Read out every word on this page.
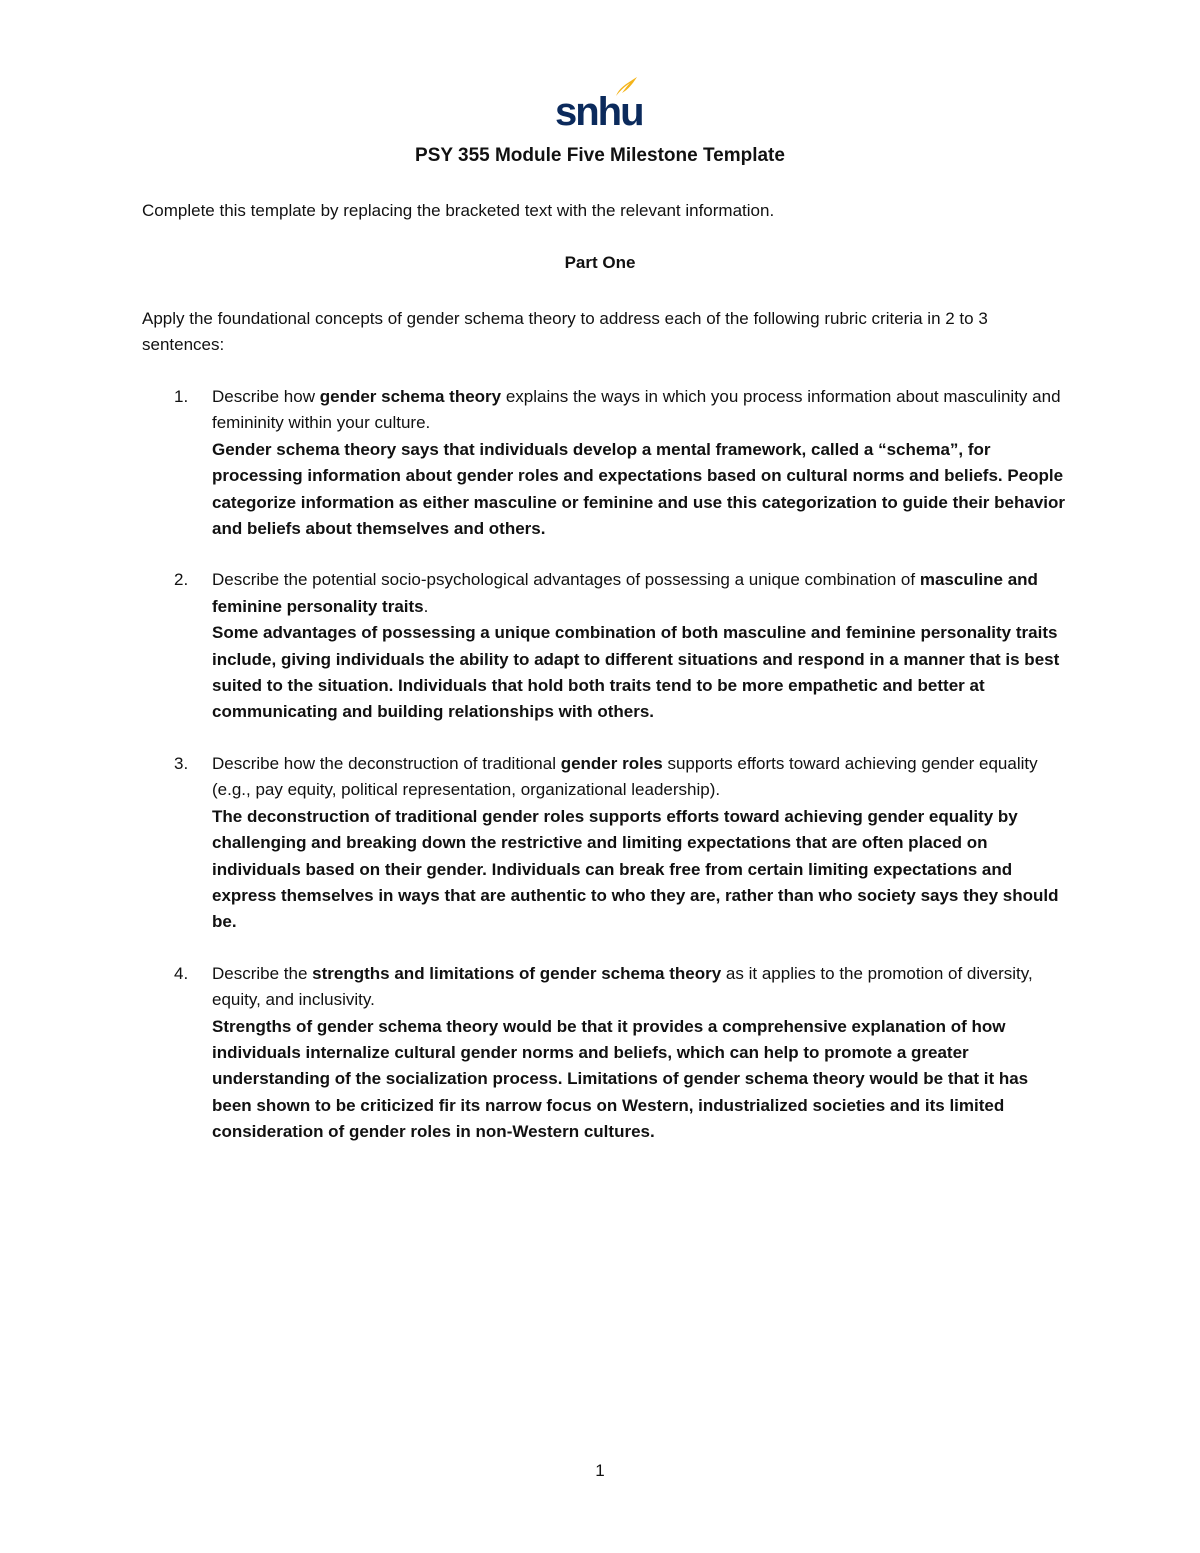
snhu
PSY 355 Module Five Milestone Template

Complete this template by replacing the bracketed text with the relevant information.

Part One

Apply the foundational concepts of gender schema theory to address each of the following rubric criteria in 2 to 3 sentences:

1. Describe how gender schema theory explains the ways in which you process information about masculinity and femininity within your culture.
Gender schema theory says that individuals develop a mental framework, called a “schema”, for processing information about gender roles and expectations based on cultural norms and beliefs. People categorize information as either masculine or feminine and use this categorization to guide their behavior and beliefs about themselves and others.
2. Describe the potential socio-psychological advantages of possessing a unique combination of masculine and feminine personality traits.
Some advantages of possessing a unique combination of both masculine and feminine personality traits include, giving individuals the ability to adapt to different situations and respond in a manner that is best suited to the situation. Individuals that hold both traits tend to be more empathetic and better at communicating and building relationships with others.
3. Describe how the deconstruction of traditional gender roles supports efforts toward achieving gender equality (e.g., pay equity, political representation, organizational leadership).
The deconstruction of traditional gender roles supports efforts toward achieving gender equality by challenging and breaking down the restrictive and limiting expectations that are often placed on individuals based on their gender. Individuals can break free from certain limiting expectations and express themselves in ways that are authentic to who they are, rather than who society says they should be.
4. Describe the strengths and limitations of gender schema theory as it applies to the promotion of diversity, equity, and inclusivity.
Strengths of gender schema theory would be that it provides a comprehensive explanation of how individuals internalize cultural gender norms and beliefs, which can help to promote a greater understanding of the socialization process. Limitations of gender schema theory would be that it has been shown to be criticized fir its narrow focus on Western, industrialized societies and its limited consideration of gender roles in non-Western cultures.
1
